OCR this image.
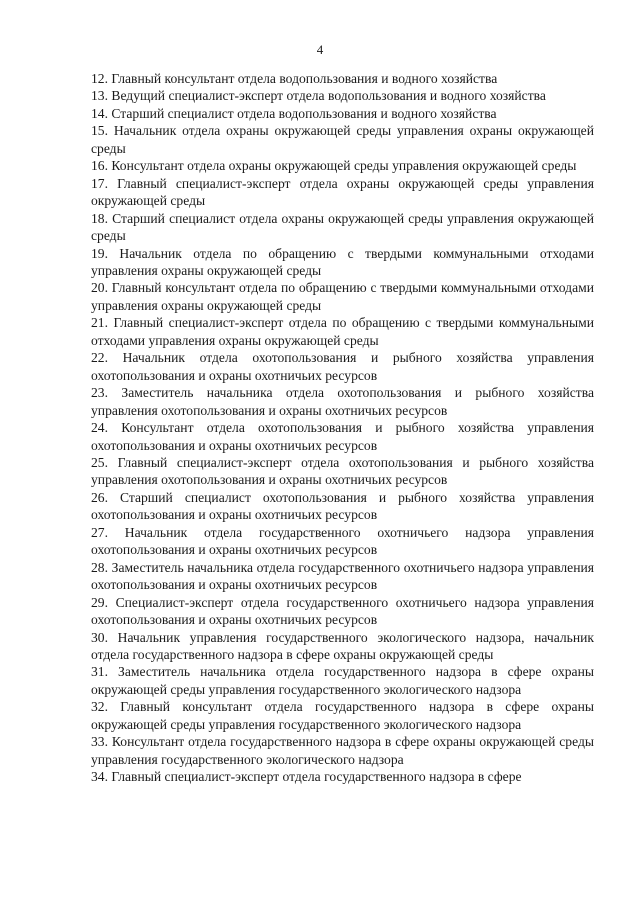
4

12. Главный консультант отдела водопользования и водного хозяйства

13. Ведущий специалист-эксперт отдела водопользования и водного хозяйства

14. Старший специалист отдела водопользования и водного хозяйства

15. Начальник отдела охраны окружающей среды управления охраны окружающей среды

16. Консультант отдела охраны окружающей среды управления окружающей среды

17. Главный специалист-эксперт отдела охраны окружающей среды управления окружающей среды

18. Старший специалист отдела охраны окружающей среды управления окружающей среды

19. Начальник отдела по обращению с твердыми коммунальными отходами управления охраны окружающей среды

20. Главный консультант отдела по обращению с твердыми коммунальными отходами управления охраны окружающей среды

21. Главный специалист-эксперт отдела по обращению с твердыми коммунальными отходами управления охраны окружающей среды

22. Начальник отдела охотопользования и рыбного хозяйства управления охотопользования и охраны охотничьих ресурсов

23. Заместитель начальника отдела охотопользования и рыбного хозяйства управления охотопользования и охраны охотничьих ресурсов

24. Консультант отдела охотопользования и рыбного хозяйства управления охотопользования и охраны охотничьих ресурсов

25. Главный специалист-эксперт отдела охотопользования и рыбного хозяйства управления охотопользования и охраны охотничьих ресурсов

26. Старший специалист охотопользования и рыбного хозяйства управления охотопользования и охраны охотничьих ресурсов

27. Начальник отдела государственного охотничьего надзора управления охотопользования и охраны охотничьих ресурсов

28. Заместитель начальника отдела государственного охотничьего надзора управления охотопользования и охраны охотничьих ресурсов

29. Специалист-эксперт отдела государственного охотничьего надзора управления охотопользования и охраны охотничьих ресурсов

30. Начальник управления государственного экологического надзора, начальник отдела государственного надзора в сфере охраны окружающей среды

31. Заместитель начальника отдела государственного надзора в сфере охраны окружающей среды управления государственного экологического надзора

32. Главный консультант отдела государственного надзора в сфере охраны окружающей среды управления государственного экологического надзора

33. Консультант отдела государственного надзора в сфере охраны окружающей среды управления государственного экологического надзора

34. Главный специалист-эксперт отдела государственного надзора в сфере
